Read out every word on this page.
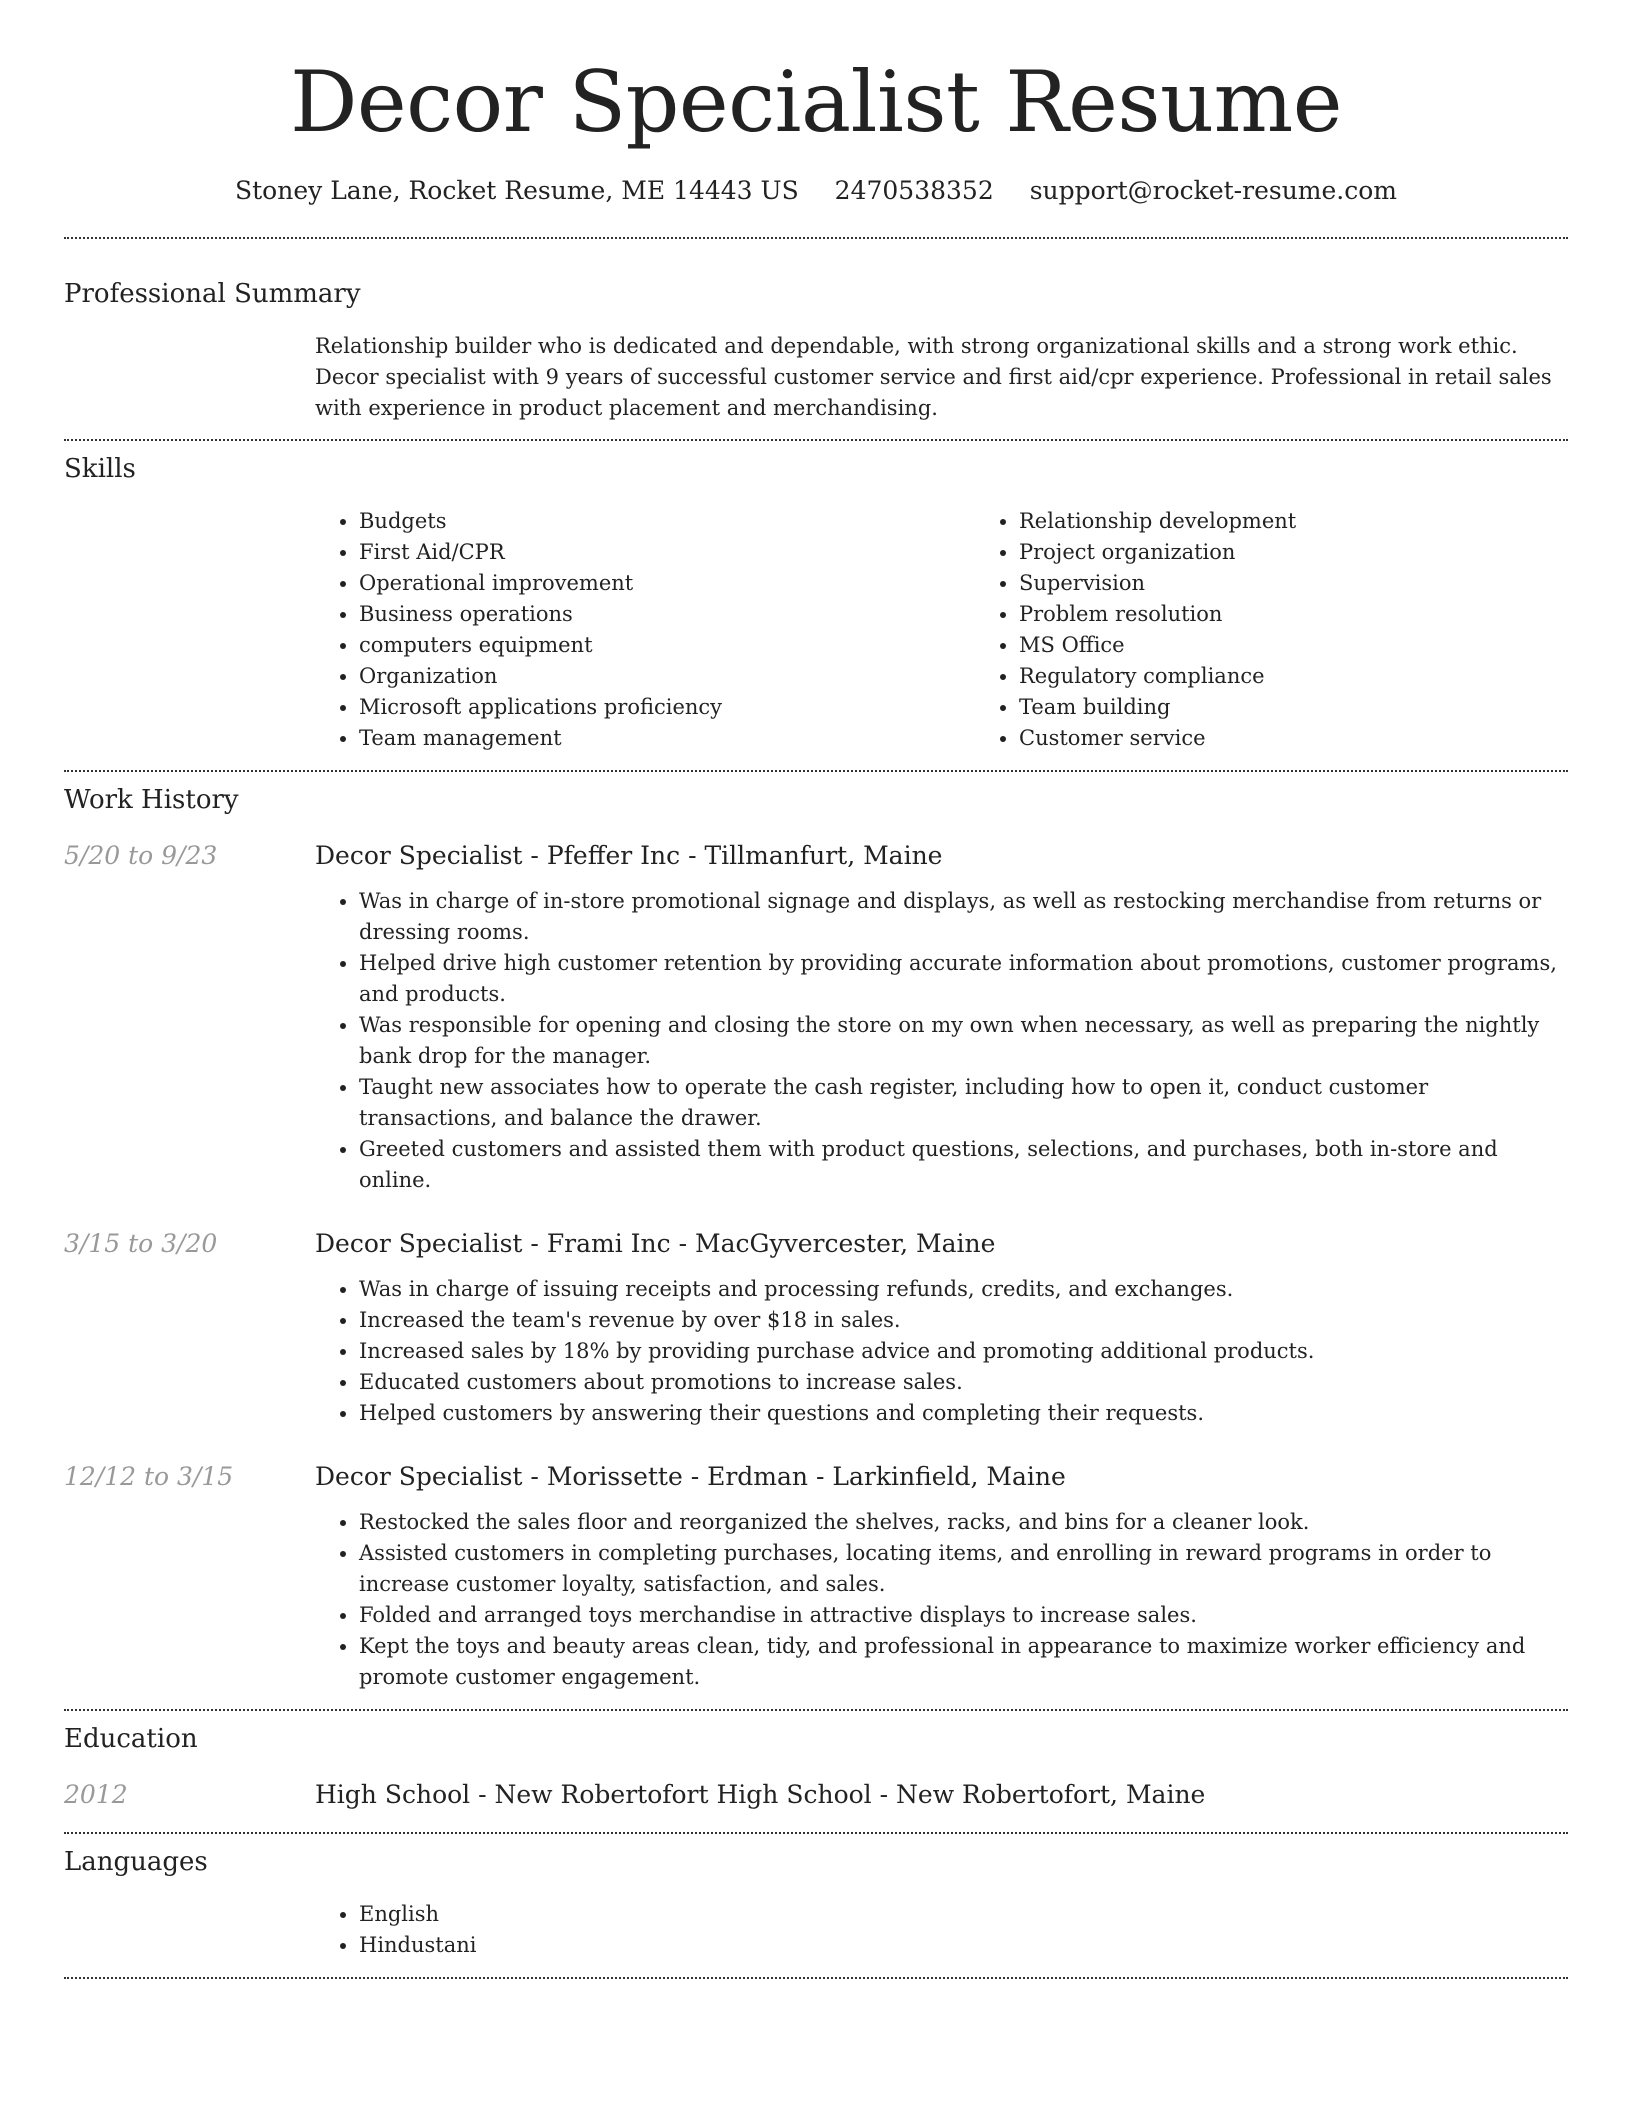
Decor Specialist Resume
Stoney Lane, Rocket Resume, ME 14443 US 2470538352 support@rocket-resume.com
Professional Summary
Relationship builder who is dedicated and dependable, with strong organizational skills and a strong work ethic. Decor specialist with 9 years of successful customer service and first aid/cpr experience. Professional in retail sales with experience in product placement and merchandising.
Skills
• Budgets
• First Aid/CPR
• Operational improvement
• Business operations
• computers equipment
• Organization
• Microsoft applications proficiency
• Team management
• Relationship development
• Project organization
• Supervision
• Problem resolution
• MS Office
• Regulatory compliance
• Team building
• Customer service
Work History
5/20 to 9/23	Decor Specialist - Pfeffer Inc - Tillmanfurt, Maine
• Was in charge of in-store promotional signage and displays, as well as restocking merchandise from returns or dressing rooms.
• Helped drive high customer retention by providing accurate information about promotions, customer programs, and products.
• Was responsible for opening and closing the store on my own when necessary, as well as preparing the nightly bank drop for the manager.
• Taught new associates how to operate the cash register, including how to open it, conduct customer transactions, and balance the drawer.
• Greeted customers and assisted them with product questions, selections, and purchases, both in-store and online.
3/15 to 3/20	Decor Specialist - Frami Inc - MacGyvercester, Maine
• Was in charge of issuing receipts and processing refunds, credits, and exchanges.
• Increased the team's revenue by over $18 in sales.
• Increased sales by 18% by providing purchase advice and promoting additional products.
• Educated customers about promotions to increase sales.
• Helped customers by answering their questions and completing their requests.
12/12 to 3/15	Decor Specialist - Morissette - Erdman - Larkinfield, Maine
• Restocked the sales floor and reorganized the shelves, racks, and bins for a cleaner look.
• Assisted customers in completing purchases, locating items, and enrolling in reward programs in order to increase customer loyalty, satisfaction, and sales.
• Folded and arranged toys merchandise in attractive displays to increase sales.
• Kept the toys and beauty areas clean, tidy, and professional in appearance to maximize worker efficiency and promote customer engagement.
Education
2012	High School - New Robertofort High School - New Robertofort, Maine
Languages
• English
• Hindustani
